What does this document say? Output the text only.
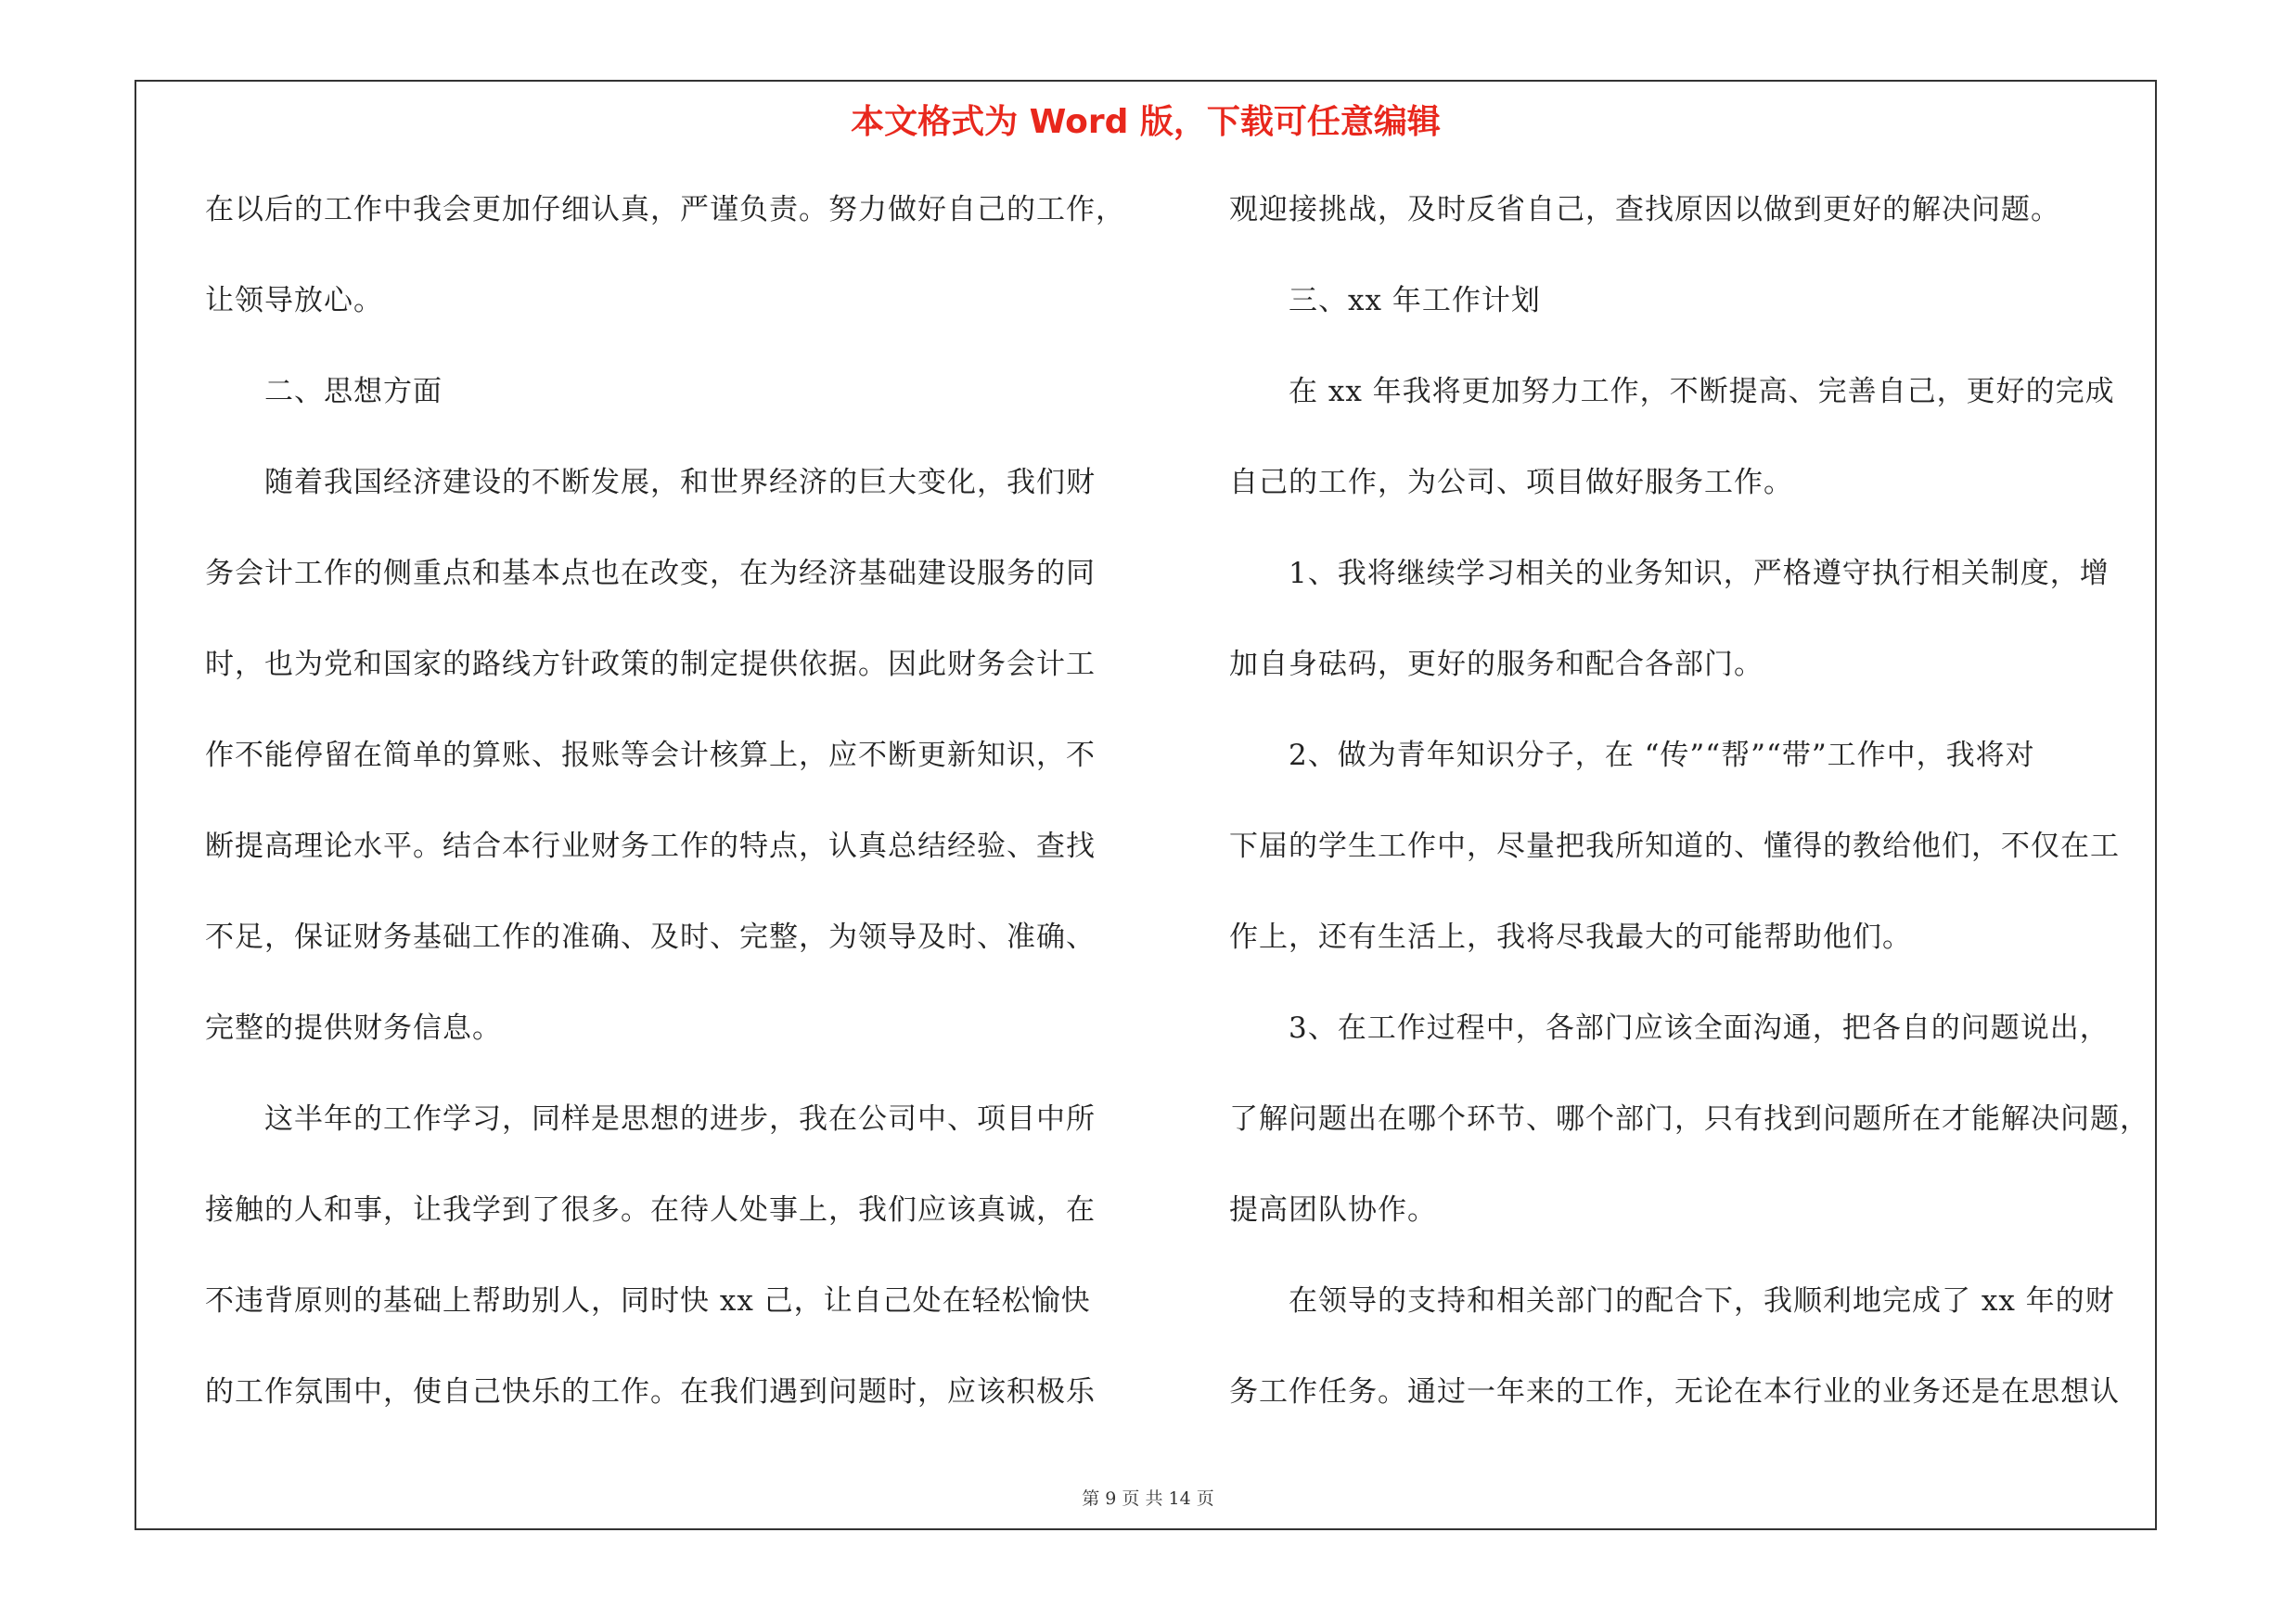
本文格式为 Word 版，下载可任意编辑
在以后的工作中我会更加仔细认真，严谨负责。努力做好自己的工作，
让领导放心。
二、思想方面
随着我国经济建设的不断发展，和世界经济的巨大变化，我们财
务会计工作的侧重点和基本点也在改变，在为经济基础建设服务的同
时，也为党和国家的路线方针政策的制定提供依据。因此财务会计工
作不能停留在简单的算账、报账等会计核算上，应不断更新知识，不
断提高理论水平。结合本行业财务工作的特点，认真总结经验、查找
不足，保证财务基础工作的准确、及时、完整，为领导及时、准确、
完整的提供财务信息。
这半年的工作学习，同样是思想的进步，我在公司中、项目中所
接触的人和事，让我学到了很多。在待人处事上，我们应该真诚，在
不违背原则的基础上帮助别人，同时快 xx 己，让自己处在轻松愉快
的工作氛围中，使自己快乐的工作。在我们遇到问题时，应该积极乐
观迎接挑战，及时反省自己，查找原因以做到更好的解决问题。
三、xx 年工作计划
在 xx 年我将更加努力工作，不断提高、完善自己，更好的完成
自己的工作，为公司、项目做好服务工作。
1、我将继续学习相关的业务知识，严格遵守执行相关制度，增
加自身砝码，更好的服务和配合各部门。
2、做为青年知识分子，在 “传”“帮”“带”工作中，我将对
下届的学生工作中，尽量把我所知道的、懂得的教给他们，不仅在工
作上，还有生活上，我将尽我最大的可能帮助他们。
3、在工作过程中，各部门应该全面沟通，把各自的问题说出，
了解问题出在哪个环节、哪个部门，只有找到问题所在才能解决问题，
提高团队协作。
在领导的支持和相关部门的配合下，我顺利地完成了 xx 年的财
务工作任务。通过一年来的工作，无论在本行业的业务还是在思想认
第 9 页 共 14 页
